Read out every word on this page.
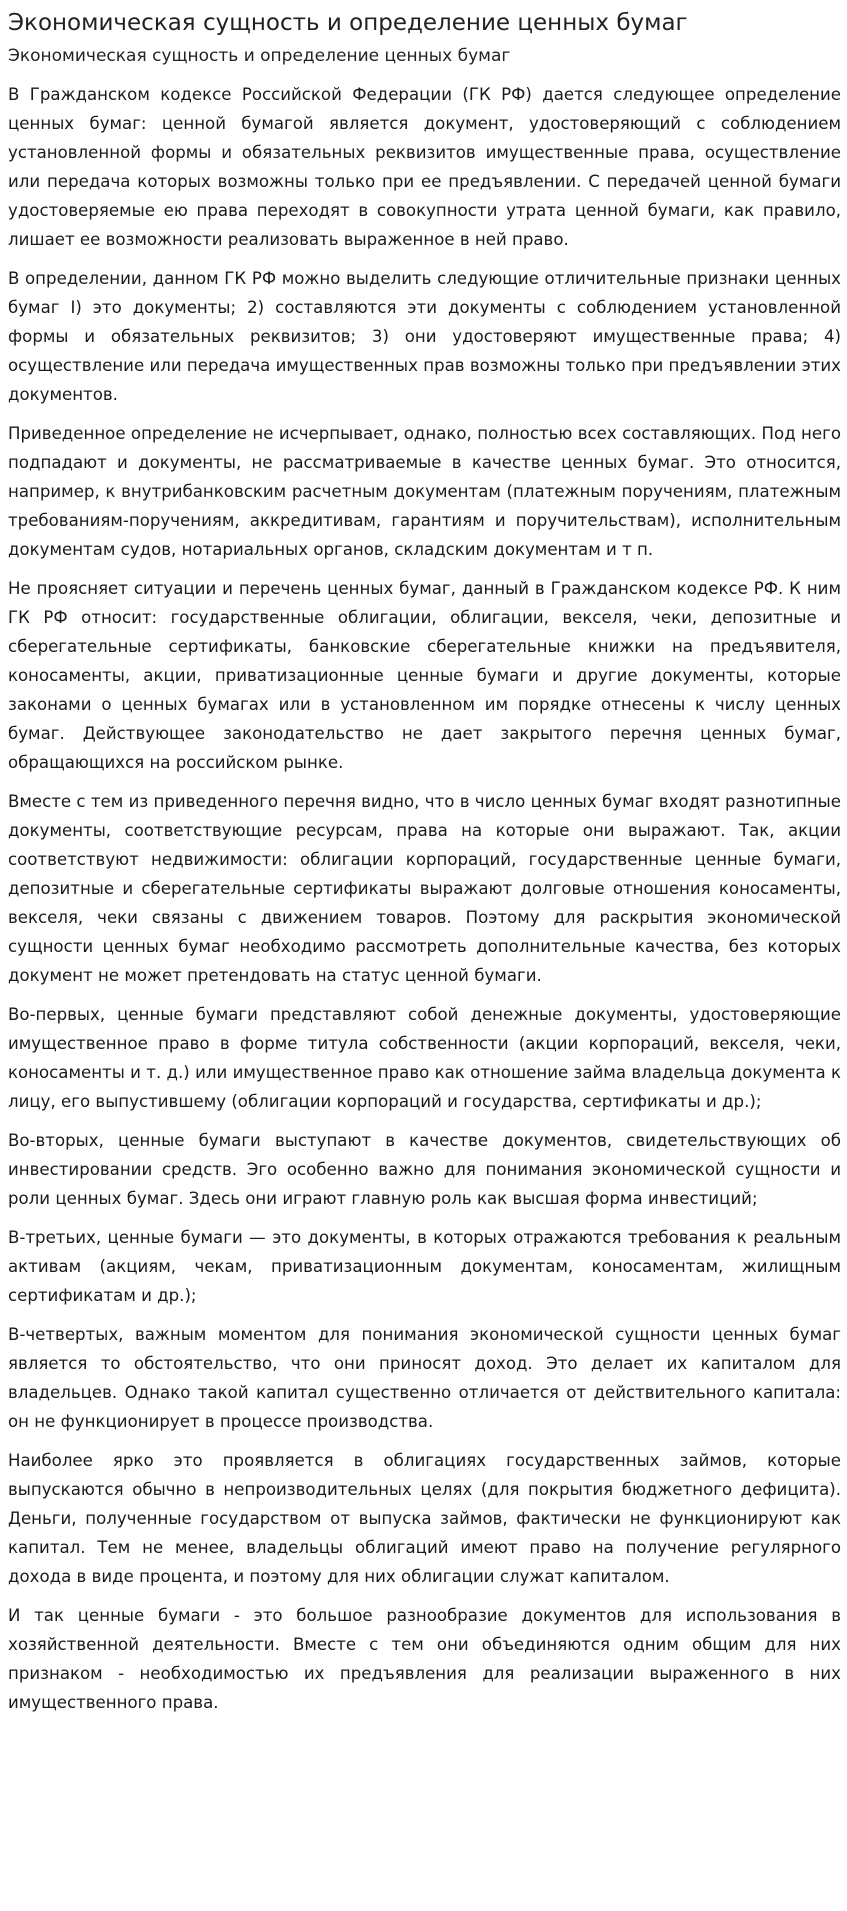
Экономическая сущность и определение ценных бумаг
Экономическая сущность и определение ценных бумаг

В Гражданском кодексе Российской Федерации (ГК РФ) дается следующее определение ценных бумаг: ценной бумагой является документ, удостоверяющий с соблюдением установленной формы и обязательных реквизитов имущественные права, осуществление или передача которых возможны только при ее предъявлении. С передачей ценной бумаги удостоверяемые ею права переходят в совокупности утрата ценной бумаги, как правило, лишает ее возможности реализовать выраженное в ней право.

В определении, данном ГК РФ можно выделить следующие отличительные признаки ценных бумаг I) это документы; 2) составляются эти документы с соблюдением установленной формы и обязательных реквизитов; 3) они удостоверяют имущественные права; 4) осуществление или передача имущественных прав возможны только при предъявлении этих документов.

Приведенное определение не исчерпывает, однако, полностью всех составляющих. Под него подпадают и документы, не рассматриваемые в качестве ценных бумаг. Это относится, например, к внутрибанковским расчетным документам (платежным поручениям, платежным требованиям-поручениям, аккредитивам, гарантиям и поручительствам), исполнительным документам судов, нотариальных органов, складским документам и т п.

Не проясняет ситуации и перечень ценных бумаг, данный в Гражданском кодексе РФ. К ним ГК РФ относит: государственные облигации, облигации, векселя, чеки, депозитные и сберегательные сертификаты, банковские сберегательные книжки на предъявителя, коносаменты, акции, приватизационные ценные бумаги и другие документы, которые законами о ценных бумагах или в установленном им порядке отнесены к числу ценных бумаг. Действующее законодательство не дает закрытого перечня ценных бумаг, обращающихся на российском рынке.

Вместе с тем из приведенного перечня видно, что в число ценных бумаг входят разнотипные документы, соответствующие ресурсам, права на которые они выражают. Так, акции соответствуют недвижимости: облигации корпораций, государственные ценные бумаги, депозитные и сберегательные сертификаты выражают долговые отношения коносаменты, векселя, чеки связаны с движением товаров. Поэтому для раскрытия экономической сущности ценных бумаг необходимо рассмотреть дополнительные качества, без которых документ не может претендовать на статус ценной бумаги.

Во-первых, ценные бумаги представляют собой денежные документы, удостоверяющие имущественное право в форме титула собственности (акции корпораций, векселя, чеки, коносаменты и т. д.) или имущественное право как отношение займа владельца документа к лицу, его выпустившему (облигации корпораций и государства, сертификаты и др.);

Во-вторых, ценные бумаги выступают в качестве документов, свидетельствующих об инвестировании средств. Эго особенно важно для понимания экономической сущности и роли ценных бумаг. Здесь они играют главную роль как высшая форма инвестиций;

В-третьих, ценные бумаги — это документы, в которых отражаются требования к реальным активам (акциям, чекам, приватизационным документам, коносаментам, жилищным сертификатам и др.);

В-четвертых, важным моментом для понимания экономической сущности ценных бумаг является то обстоятельство, что они приносят доход. Это делает их капиталом для владельцев. Однако такой капитал существенно отличается от действительного капитала: он не функционирует в процессе производства.

Наиболее ярко это проявляется в облигациях государственных займов, которые выпускаются обычно в непроизводительных целях (для покрытия бюджетного дефицита). Деньги, полученные государством от выпуска займов, фактически не функционируют как капитал. Тем не менее, владельцы облигаций имеют право на получение регулярного дохода в виде процента, и поэтому для них облигации служат капиталом.

И так ценные бумаги - это большое разнообразие документов для использования в хозяйственной деятельности. Вместе с тем они объединяются одним общим для них признаком - необходимостью их предъявления для реализации выраженного в них имущественного права.
